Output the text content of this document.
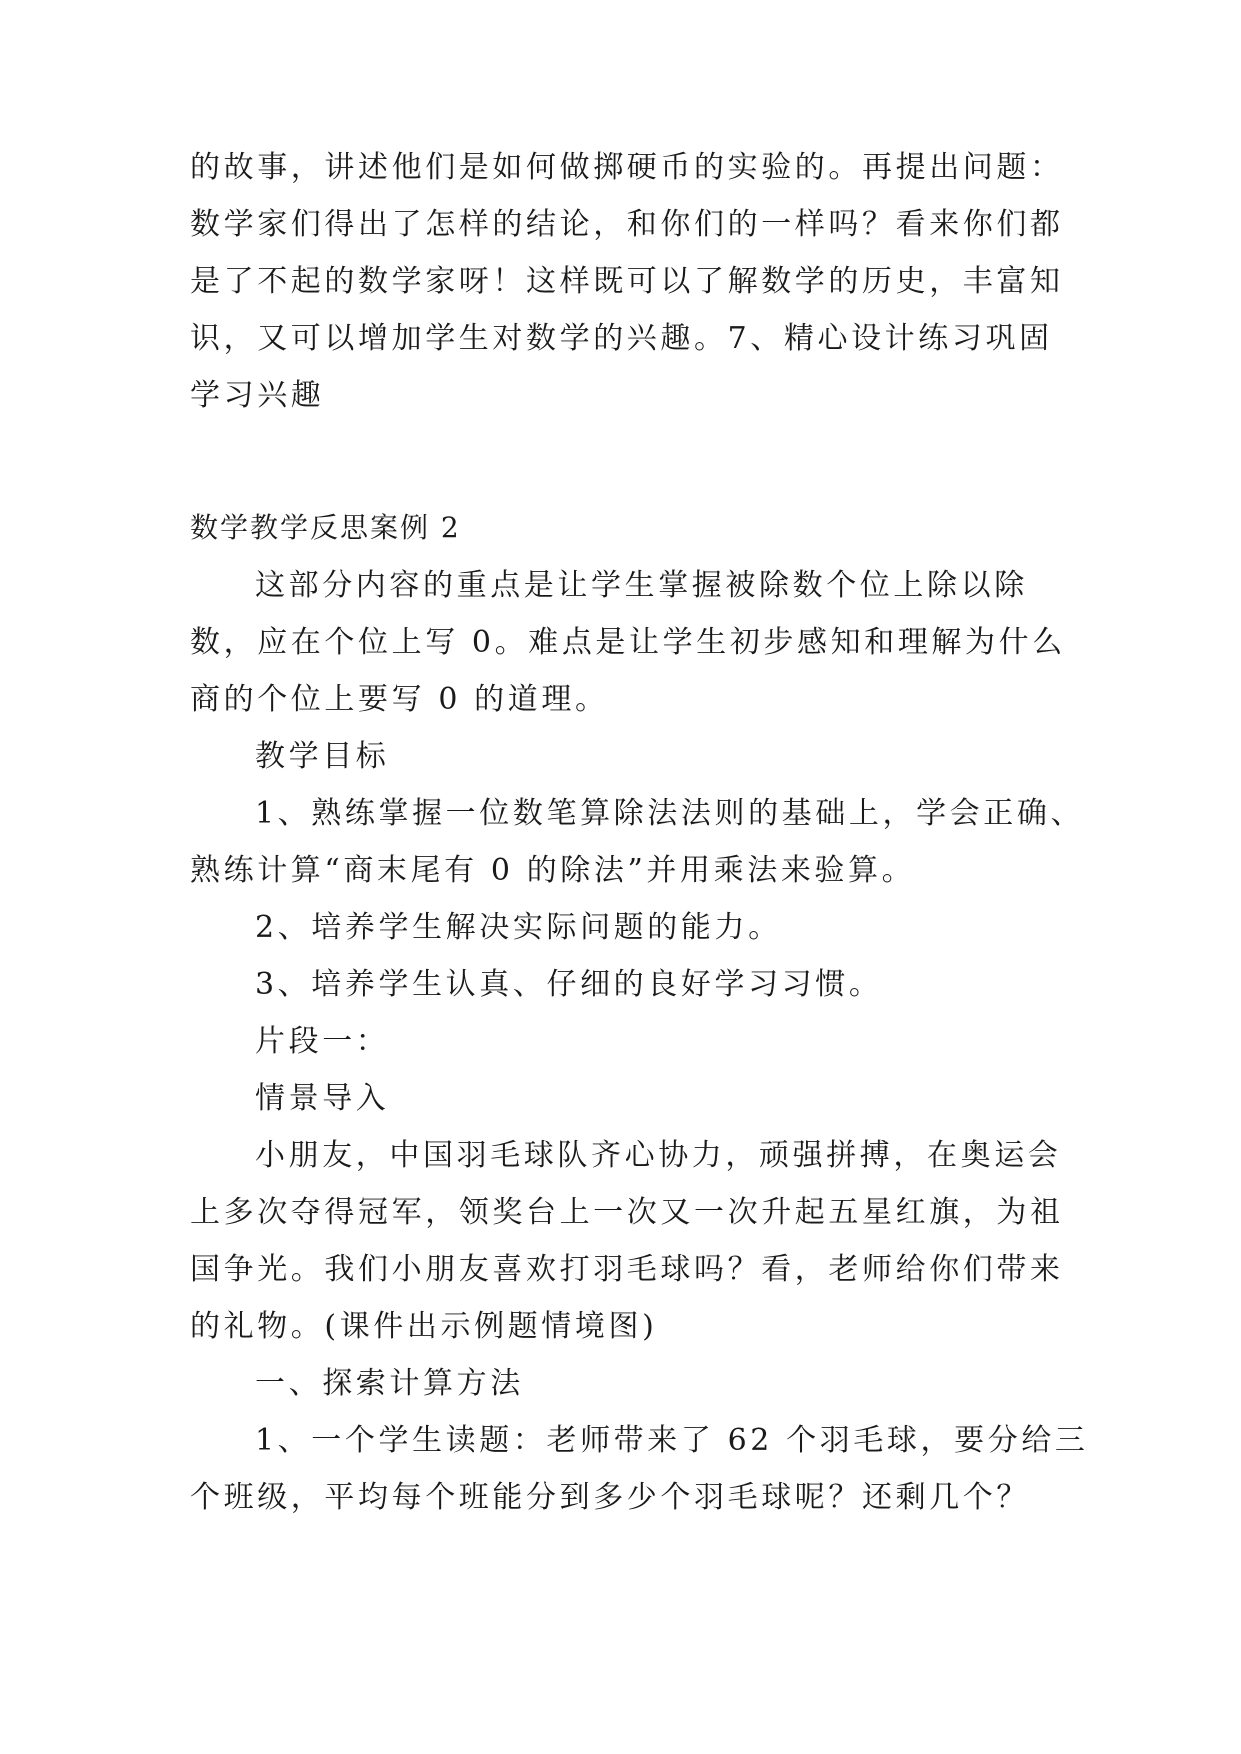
的故事，讲述他们是如何做掷硬币的实验的。再提出问题：
数学家们得出了怎样的结论，和你们的一样吗？看来你们都
是了不起的数学家呀！这样既可以了解数学的历史，丰富知
识，又可以增加学生对数学的兴趣。7、精心设计练习巩固
学习兴趣
数学教学反思案例 2
这部分内容的重点是让学生掌握被除数个位上除以除
数，应在个位上写 0。难点是让学生初步感知和理解为什么
商的个位上要写 0 的道理。
教学目标
1、熟练掌握一位数笔算除法法则的基础上，学会正确、
熟练计算“商末尾有 0 的除法”并用乘法来验算。
2、培养学生解决实际问题的能力。
3、培养学生认真、仔细的良好学习习惯。
片段一：
情景导入
小朋友，中国羽毛球队齐心协力，顽强拼搏，在奥运会
上多次夺得冠军，领奖台上一次又一次升起五星红旗，为祖
国争光。我们小朋友喜欢打羽毛球吗？看，老师给你们带来
的礼物。(课件出示例题情境图)
一、探索计算方法
1、一个学生读题：老师带来了 62 个羽毛球，要分给三
个班级，平均每个班能分到多少个羽毛球呢？还剩几个？
